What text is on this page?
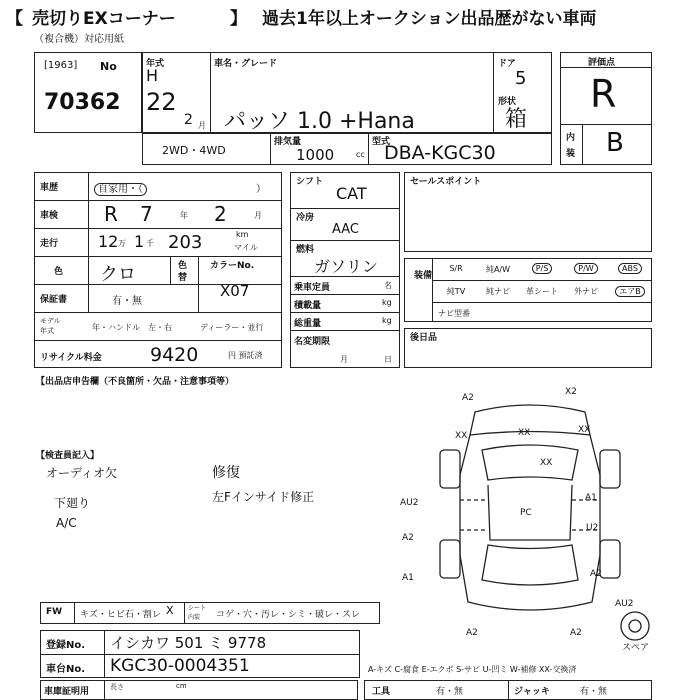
【 売切りEXコーナー	】 過去1年以上オークション出品歴がない車両
（複合機）対応用紙
[1963] No
70362
年式
H
22
2 月
車名・グレード
パッソ 1.0 +Hana
ドア
5
形状
箱
2WD・4WD
排気量
1000	cc
型式
DBA-KGC30
評価点
R
内
装 B
車歴	自家用・（	）
車検 R 7	年 2	月
走行 12 万 1 千 203	km
マイル
色 クロ	色
替
カラーNo.
X07
保証書	有・無
モデル
年式	年・ハンドル　左・右	ディーラー・並行
リサイクル料金	9420	円 預託済
シフト
CAT
冷房
AAC
燃料
ガソリン
乗車定員	名
積載量	kg
総重量	kg
名変期限
月	日
セールスポイント
装備
S/R	純A/W	P/S	P/W	ABS
純TV	純ナビ	革シート	外ナビ	エアB
ナビ型番
後日品
【出品店申告欄（不良箇所・欠品・注意事項等）
【検査員記入】
オーディオ欠
下廻り
A/C
修復
左Fインサイド修正
A2
X2
XX	XX	XX
XX
AU2	A1
PC
A2
U2
A1	A2
AU2
A2	A2
スペア
FW キズ・ヒビ石・割レ X シート
内装 コゲ・穴・汚レ・シミ・破レ・スレ
登録No. イシカワ 501 ミ 9778
車台No. KGC30-0004351	A-キズ C-腐食 E-エクボ S-サビ U-凹ミ W-補修 XX-交換済
車庫証明用	長さ	cm
工具	有・無	ジャッキ	有・無
